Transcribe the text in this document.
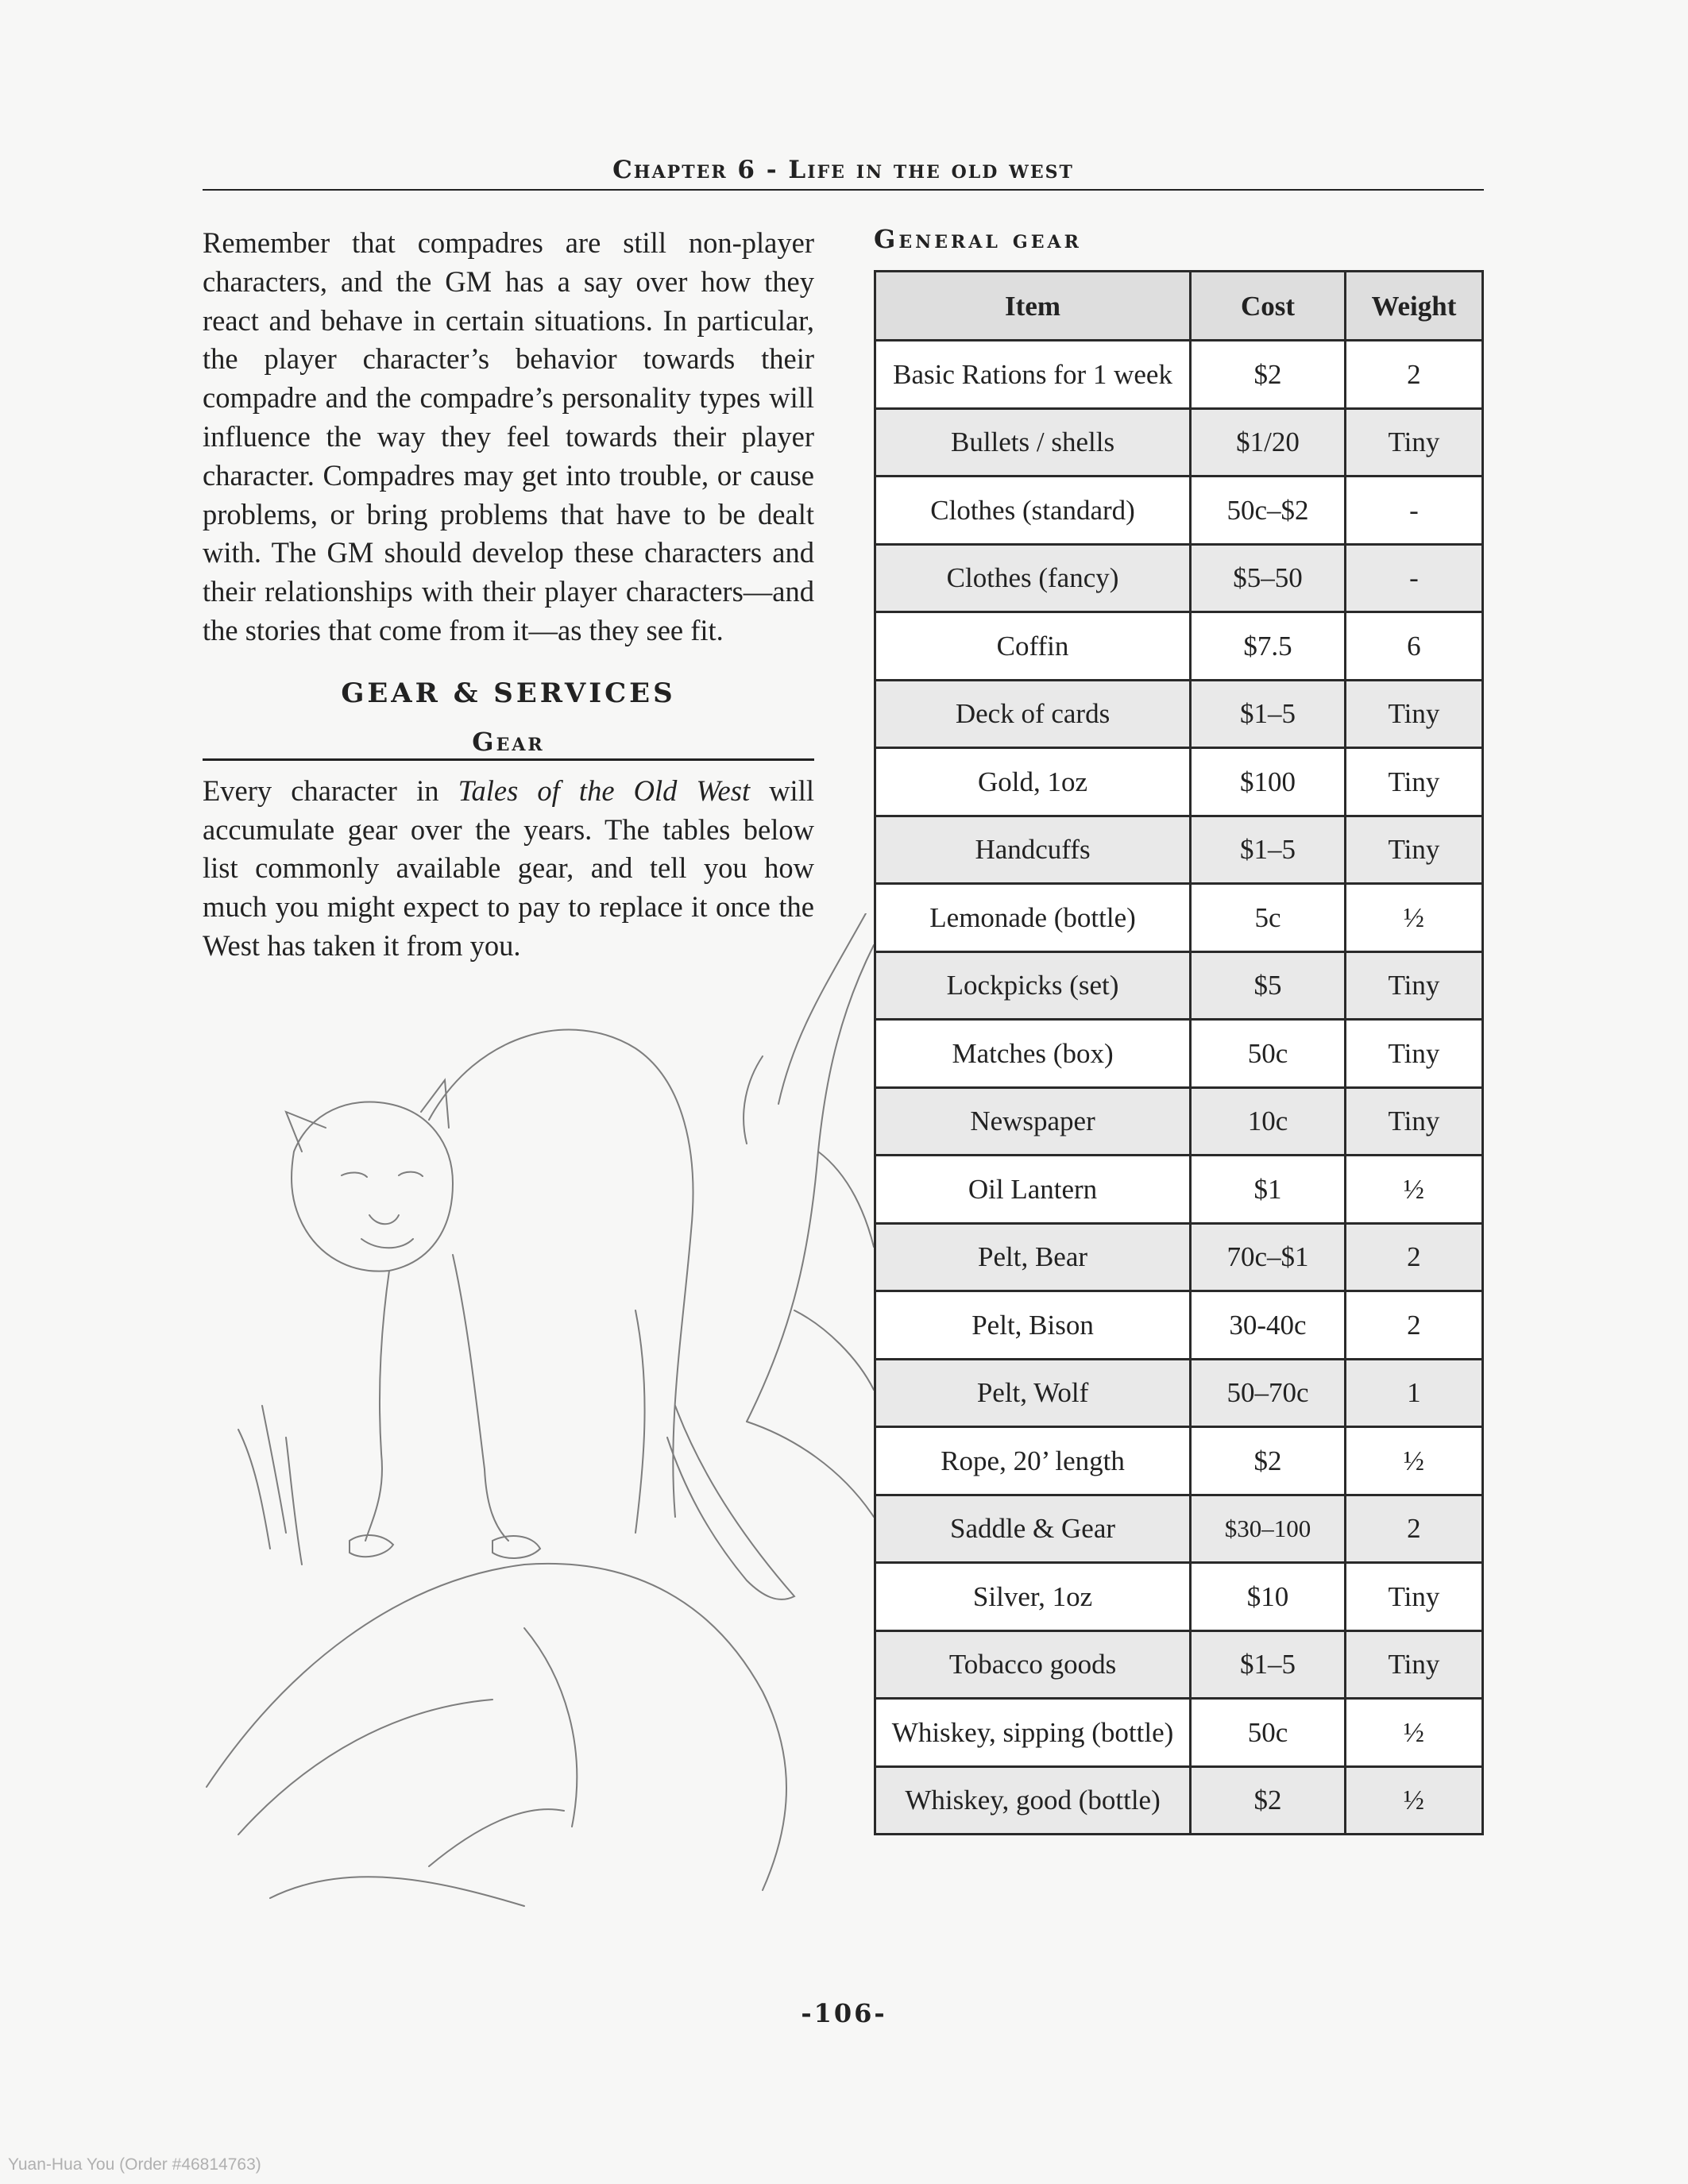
Chapter 6 - Life in the old west

Remember that compadres are still non-player characters, and the GM has a say over how they react and behave in certain situations. In particular, the player character’s behavior towards their compadre and the compadre’s personality types will influence the way they feel towards their player character. Compadres may get into trouble, or cause problems, or bring problems that have to be dealt with. The GM should develop these characters and their relationships with their player characters—and the stories that come from it—as they see fit.

GEAR & SERVICES
Gear

Every character in Tales of the Old West will accumulate gear over the years. The tables below list commonly available gear, and tell you how much you might expect to pay to replace it once the West has taken it from you.

General gear
Item	Cost	Weight
Basic Rations for 1 week	$2	2
Bullets / shells	$1/20	Tiny
Clothes (standard)	50c–$2	-
Clothes (fancy)	$5–50	-
Coffin	$7.5	6
Deck of cards	$1–5	Tiny
Gold, 1oz	$100	Tiny
Handcuffs	$1–5	Tiny
Lemonade (bottle)	5c	½
Lockpicks (set)	$5	Tiny
Matches (box)	50c	Tiny
Newspaper	10c	Tiny
Oil Lantern	$1	½
Pelt, Bear	70c–$1	2
Pelt, Bison	30-40c	2
Pelt, Wolf	50–70c	1
Rope, 20’ length	$2	½
Saddle & Gear	$30–100	2
Silver, 1oz	$10	Tiny
Tobacco goods	$1–5	Tiny
Whiskey, sipping (bottle)	50c	½
Whiskey, good (bottle)	$2	½
-106-
Yuan-Hua You (Order #46814763)
